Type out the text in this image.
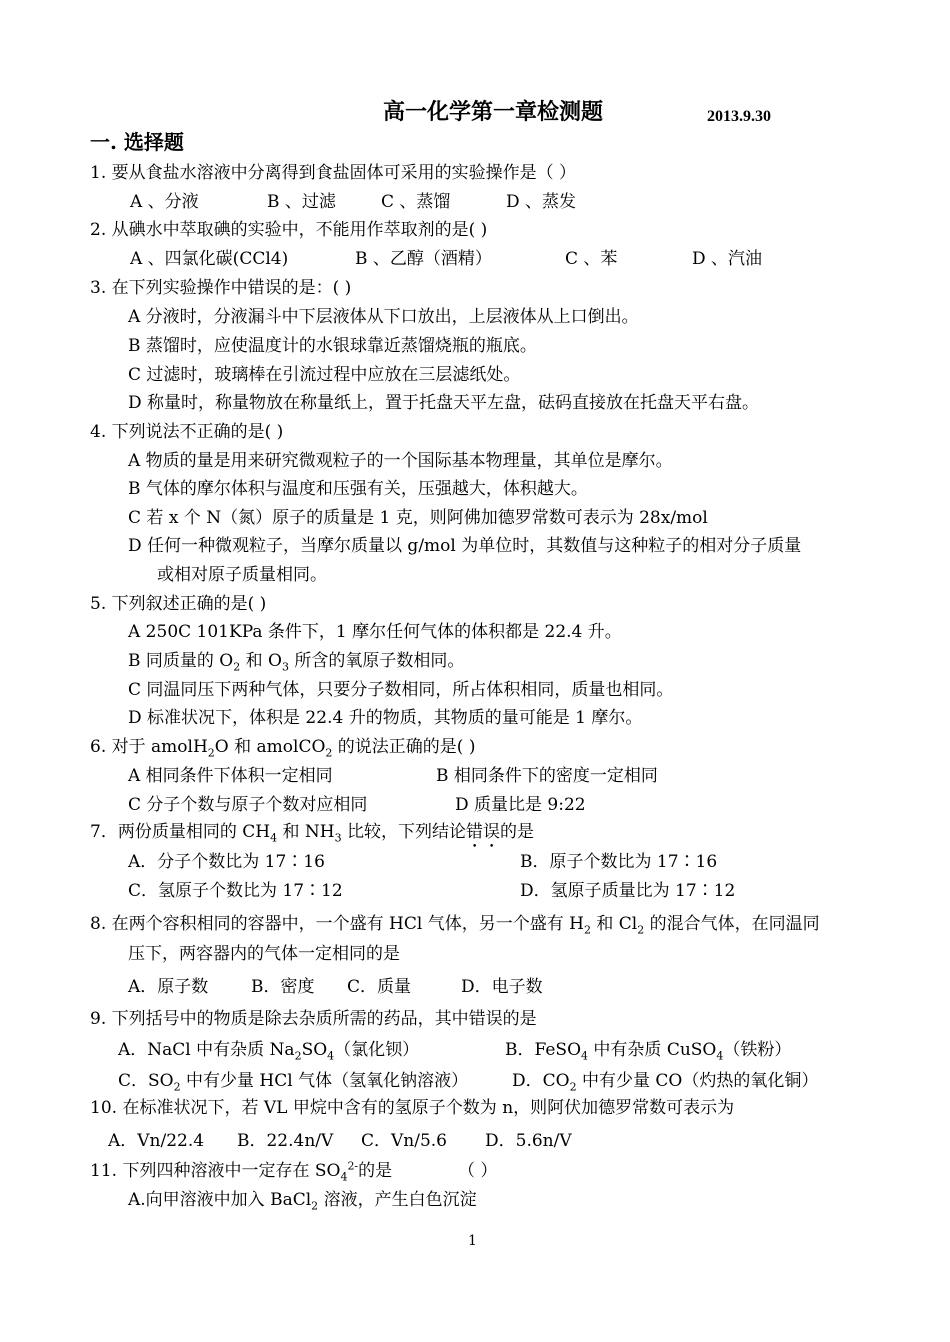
高一化学第一章检测题	2013.9.30
一. 选择题
1. 要从食盐水溶液中分离得到食盐固体可采用的实验操作是（ ）
A 、分液	B 、过滤	C 、蒸馏	D 、蒸发
2. 从碘水中萃取碘的实验中，不能用作萃取剂的是( )
A 、四氯化碳(CCl4)	B 、乙醇（酒精）	C 、苯	D 、汽油
3. 在下列实验操作中错误的是：( )
A 分液时，分液漏斗中下层液体从下口放出，上层液体从上口倒出。
B 蒸馏时，应使温度计的水银球靠近蒸馏烧瓶的瓶底。
C 过滤时，玻璃棒在引流过程中应放在三层滤纸处。
D 称量时，称量物放在称量纸上，置于托盘天平左盘，砝码直接放在托盘天平右盘。
4. 下列说法不正确的是( )
A 物质的量是用来研究微观粒子的一个国际基本物理量，其单位是摩尔。
B 气体的摩尔体积与温度和压强有关，压强越大，体积越大。
C 若 x 个 N（氮）原子的质量是 1 克，则阿佛加德罗常数可表示为 28x/mol
D 任何一种微观粒子，当摩尔质量以 g/mol 为单位时，其数值与这种粒子的相对分子质量
或相对原子质量相同。
5. 下列叙述正确的是( )
A 250C 101KPa 条件下，1 摩尔任何气体的体积都是 22.4 升。
B 同质量的 $O_2$ 和 $O_3$ 所含的氧原子数相同。
C 同温同压下两种气体，只要分子数相同，所占体积相同，质量也相同。
D 标准状况下，体积是 22.4 升的物质，其物质的量可能是 1 摩尔。
6. 对于 amolH$_2$O 和 amolCO$_2$ 的说法正确的是( )
A 相同条件下体积一定相同	B 相同条件下的密度一定相同
C 分子个数与原子个数对应相同	D 质量比是 9:22
7．两份质量相同的 $CH_4$ 和 $NH_3$ 比较，下列结论错误的是
A．分子个数比为 17∶16	B．原子个数比为 17∶16
C．氢原子个数比为 17∶12	D．氢原子质量比为 17∶12
8. 在两个容积相同的容器中，一个盛有 HCl 气体，另一个盛有 $H_2$ 和 $Cl_2$ 的混合气体，在同温同
压下，两容器内的气体一定相同的是
A．原子数	B．密度 C．质量	D．电子数
9. 下列括号中的物质是除去杂质所需的药品，其中错误的是
A．NaCl 中有杂质 $Na_2SO_4$（氯化钡）	B．FeSO$_4$ 中有杂质 CuSO$_4$（铁粉）
C．$SO_2$ 中有少量 HCl 气体（氢氧化钠溶液）	D．$CO_2$ 中有少量 CO（灼热的氧化铜）
10. 在标准状况下，若 VL 甲烷中含有的氢原子个数为 n，则阿伏加德罗常数可表示为
A．Vn/22.4 B．22.4n/V C．Vn/5.6 D．5.6n/V
11. 下列四种溶液中一定存在 $SO_4^{2-}$的是	（ ）
A.向甲溶液中加入 BaCl$_2$ 溶液，产生白色沉淀
1
